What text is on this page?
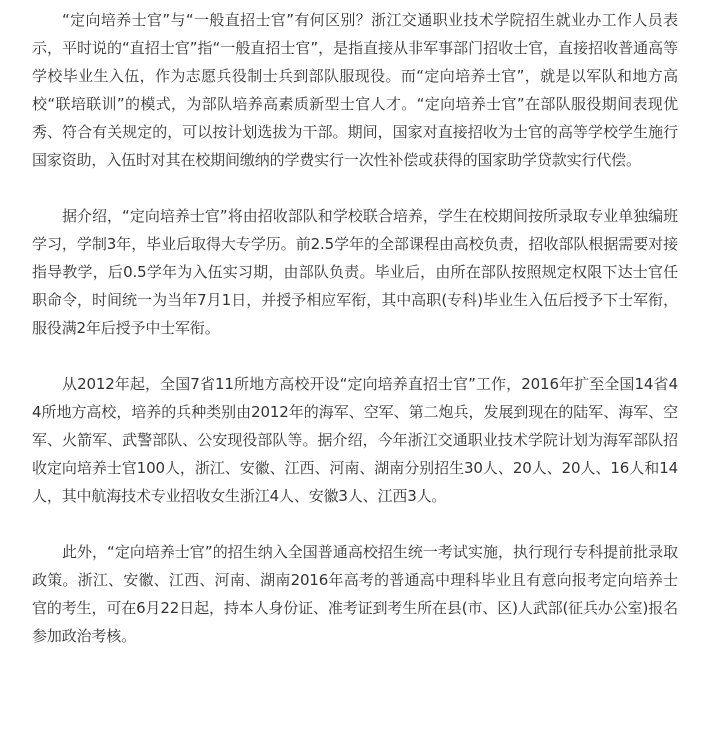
“定向培养士官”与“一般直招士官”有何区别？浙江交通职业技术学院招生就业办工作人员表示，平时说的“直招士官”指“一般直招士官”，是指直接从非军事部门招收士官，直接招收普通高等学校毕业生入伍，作为志愿兵役制士兵到部队服现役。而“定向培养士官”，就是以军队和地方高校“联培联训”的模式，为部队培养高素质新型士官人才。“定向培养士官”在部队服役期间表现优秀、符合有关规定的，可以按计划选拔为干部。期间，国家对直接招收为士官的高等学校学生施行国家资助，入伍时对其在校期间缴纳的学费实行一次性补偿或获得的国家助学贷款实行代偿。

据介绍，“定向培养士官”将由招收部队和学校联合培养，学生在校期间按所录取专业单独编班学习，学制3年，毕业后取得大专学历。前2.5学年的全部课程由高校负责，招收部队根据需要对接指导教学，后0.5学年为入伍实习期，由部队负责。毕业后，由所在部队按照规定权限下达士官任职命令，时间统一为当年7月1日，并授予相应军衔，其中高职(专科)毕业生入伍后授予下士军衔，服役满2年后授予中士军衔。

从2012年起，全国7省11所地方高校开设“定向培养直招士官”工作，2016年扩至全国14省44所地方高校，培养的兵种类别由2012年的海军、空军、第二炮兵，发展到现在的陆军、海军、空军、火箭军、武警部队、公安现役部队等。据介绍，今年浙江交通职业技术学院计划为海军部队招收定向培养士官100人，浙江、安徽、江西、河南、湖南分别招生30人、20人、20人、16人和14人，其中航海技术专业招收女生浙江4人、安徽3人、江西3人。

此外，“定向培养士官”的招生纳入全国普通高校招生统一考试实施，执行现行专科提前批录取政策。浙江、安徽、江西、河南、湖南2016年高考的普通高中理科毕业且有意向报考定向培养士官的考生，可在6月22日起，持本人身份证、准考证到考生所在县(市、区)人武部(征兵办公室)报名参加政治考核。
